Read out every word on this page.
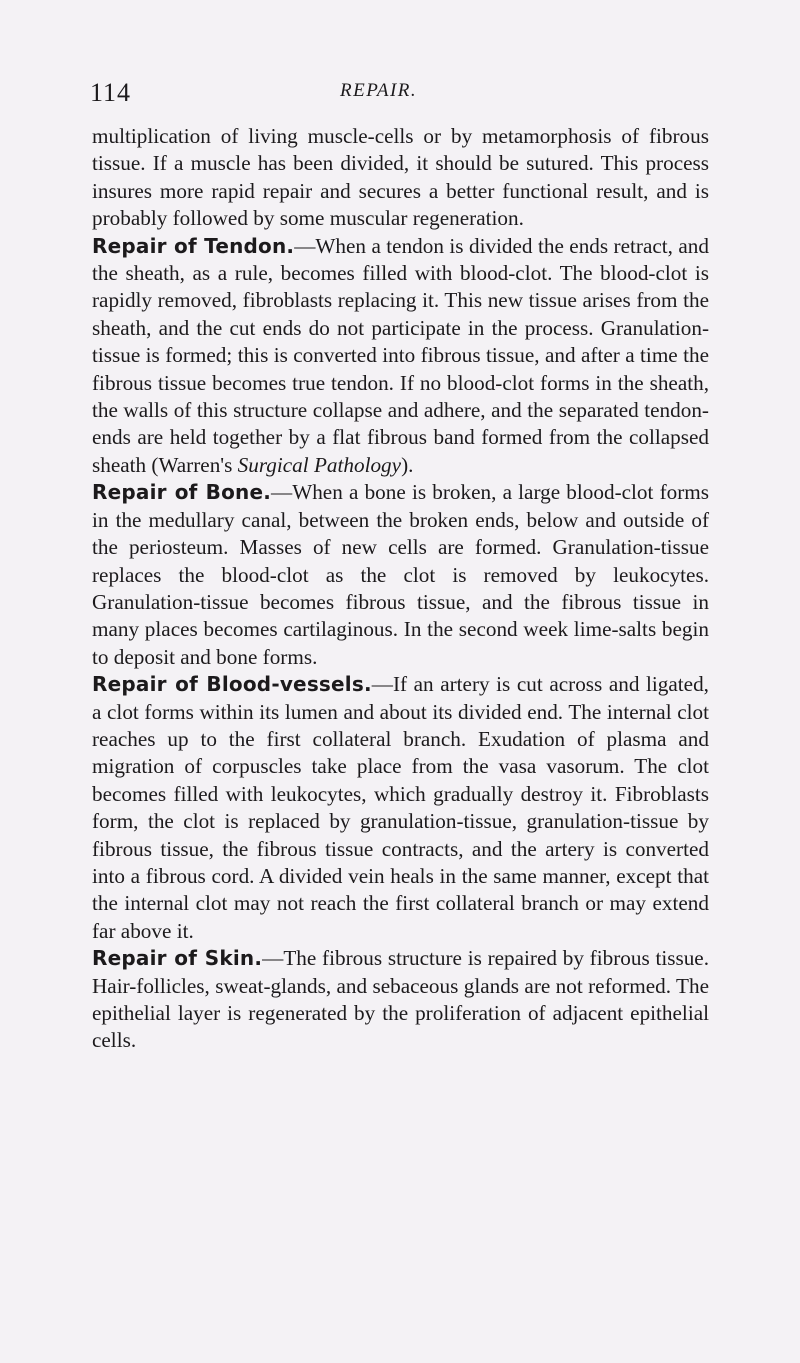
114	REPAIR.

multiplication of living muscle-cells or by metamorphosis of fibrous tissue. If a muscle has been divided, it should be sutured. This process insures more rapid repair and secures a better functional result, and is probably followed by some muscular regeneration.

Repair of Tendon.—When a tendon is divided the ends retract, and the sheath, as a rule, becomes filled with blood-clot. The blood-clot is rapidly removed, fibroblasts replacing it. This new tissue arises from the sheath, and the cut ends do not participate in the process. Granulation-tissue is formed; this is converted into fibrous tissue, and after a time the fibrous tissue becomes true tendon. If no blood-clot forms in the sheath, the walls of this structure collapse and adhere, and the separated tendon-ends are held together by a flat fibrous band formed from the collapsed sheath (Warren's Surgical Pathology).

Repair of Bone.—When a bone is broken, a large blood-clot forms in the medullary canal, between the broken ends, below and outside of the periosteum. Masses of new cells are formed. Granulation-tissue replaces the blood-clot as the clot is removed by leukocytes. Granulation-tissue becomes fibrous tissue, and the fibrous tissue in many places becomes cartilaginous. In the second week lime-salts begin to deposit and bone forms.

Repair of Blood-vessels.—If an artery is cut across and ligated, a clot forms within its lumen and about its divided end. The internal clot reaches up to the first collateral branch. Exudation of plasma and migration of corpuscles take place from the vasa vasorum. The clot becomes filled with leukocytes, which gradually destroy it. Fibroblasts form, the clot is replaced by granulation-tissue, granulation-tissue by fibrous tissue, the fibrous tissue contracts, and the artery is converted into a fibrous cord. A divided vein heals in the same manner, except that the internal clot may not reach the first collateral branch or may extend far above it.

Repair of Skin.—The fibrous structure is repaired by fibrous tissue. Hair-follicles, sweat-glands, and sebaceous glands are not reformed. The epithelial layer is regenerated by the proliferation of adjacent epithelial cells.
